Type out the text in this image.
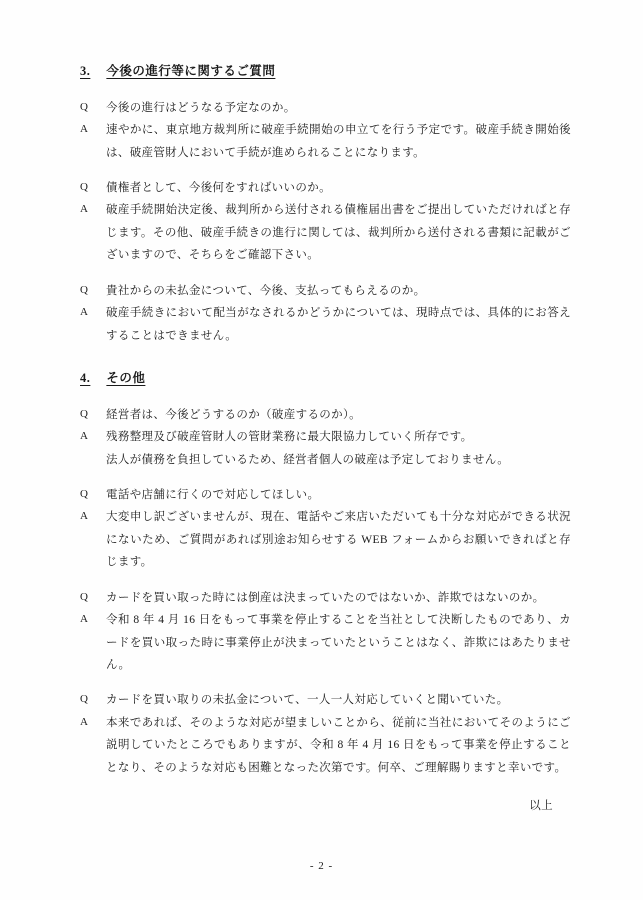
3. 今後の進行等に関するご質問
Q	今後の進行はどうなる予定なのか。
A	速やかに、東京地方裁判所に破産手続開始の申立てを行う予定です。破産手続き開始後は、破産管財人において手続が進められることになります。
Q	債権者として、今後何をすればいいのか。
A	破産手続開始決定後、裁判所から送付される債権届出書をご提出していただければと存じます。その他、破産手続きの進行に関しては、裁判所から送付される書類に記載がございますので、そちらをご確認下さい。
Q	貴社からの未払金について、今後、支払ってもらえるのか。
A	破産手続きにおいて配当がなされるかどうかについては、現時点では、具体的にお答えすることはできません。
4. その他
Q	経営者は、今後どうするのか（破産するのか）。
A	残務整理及び破産管財人の管財業務に最大限協力していく所存です。
法人が債務を負担しているため、経営者個人の破産は予定しておりません。
Q	電話や店舗に行くので対応してほしい。
A	大変申し訳ございませんが、現在、電話やご来店いただいても十分な対応ができる状況にないため、ご質問があれば別途お知らせする WEB フォームからお願いできればと存じます。
Q	カードを買い取った時には倒産は決まっていたのではないか、詐欺ではないのか。
A	令和 8 年 4 月 16 日をもって事業を停止することを当社として決断したものであり、カードを買い取った時に事業停止が決まっていたということはなく、詐欺にはあたりません。
Q	カードを買い取りの未払金について、一人一人対応していくと聞いていた。
A	本来であれば、そのような対応が望ましいことから、従前に当社においてそのようにご説明していたところでもありますが、令和 8 年 4 月 16 日をもって事業を停止することとなり、そのような対応も困難となった次第です。何卒、ご理解賜りますと幸いです。
以上
- 2 -
